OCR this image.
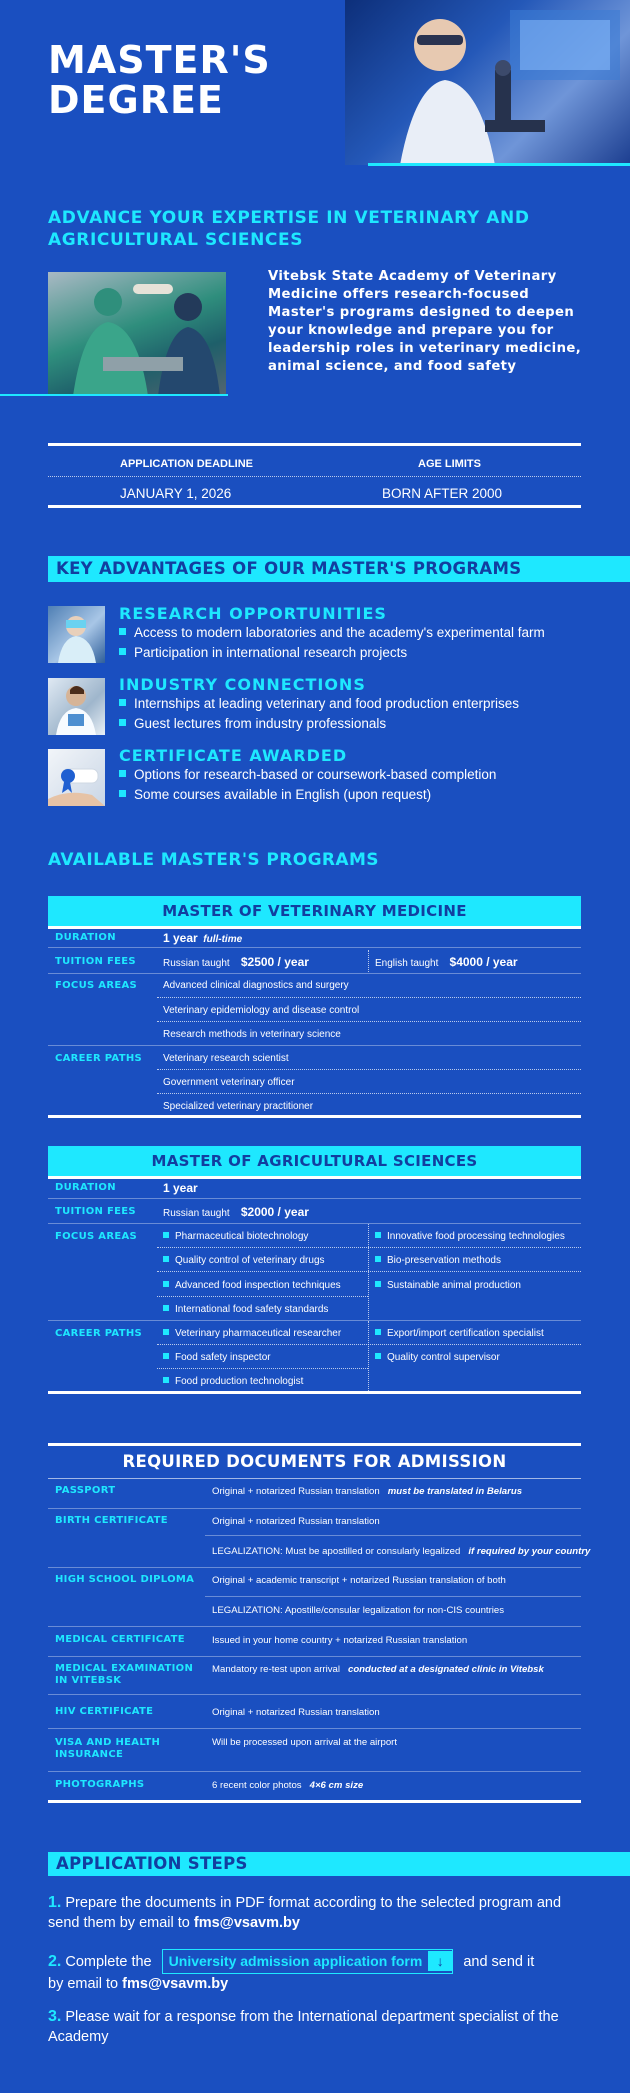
MASTER'S
DEGREE
ADVANCE YOUR EXPERTISE IN VETERINARY AND AGRICULTURAL SCIENCES
Vitebsk State Academy of Veterinary Medicine offers research-focused Master's programs designed to deepen your knowledge and prepare you for leadership roles in veterinary medicine, animal science, and food safety
APPLICATION DEADLINE	AGE LIMITS
JANUARY 1, 2026	BORN AFTER 2000
KEY ADVANTAGES OF OUR MASTER'S PROGRAMS
RESEARCH OPPORTUNITIES
Access to modern laboratories and the academy's experimental farm
Participation in international research projects
INDUSTRY CONNECTIONS
Internships at leading veterinary and food production enterprises
Guest lectures from industry professionals
CERTIFICATE AWARDED
Options for research-based or coursework-based completion
Some courses available in English (upon request)
AVAILABLE MASTER'S PROGRAMS
MASTER OF VETERINARY MEDICINE
DURATION	1 year full-time
TUITION FEES	Russian taught $2500 / year	English taught $4000 / year
FOCUS AREAS	Advanced clinical diagnostics and surgery
Veterinary epidemiology and disease control
Research methods in veterinary science
CAREER PATHS Veterinary research scientist
Government veterinary officer
Specialized veterinary practitioner
MASTER OF AGRICULTURAL SCIENCES
DURATION	1 year
TUITION FEES	Russian taught $2000 / year
FOCUS AREAS	Pharmaceutical biotechnology	Innovative food processing technologies
Quality control of veterinary drugs	Bio-preservation methods
Advanced food inspection techniques	Sustainable animal production
International food safety standards
CAREER PATHS	Veterinary pharmaceutical researcher	Export/import certification specialist
Food safety inspector	Quality control supervisor
Food production technologist
REQUIRED DOCUMENTS FOR ADMISSION
PASSPORT	Original + notarized Russian translation must be translated in Belarus
BIRTH CERTIFICATE	Original + notarized Russian translation
LEGALIZATION: Must be apostilled or consularly legalized if required by your country
HIGH SCHOOL DIPLOMA Original + academic transcript + notarized Russian translation of both
LEGALIZATION: Apostille/consular legalization for non-CIS countries
MEDICAL CERTIFICATE	Issued in your home country + notarized Russian translation
MEDICAL EXAMINATION
IN VITEBSK
Mandatory re-test upon arrival conducted at a designated clinic in Vitebsk
HIV CERTIFICATE	Original + notarized Russian translation
VISA AND HEALTH
INSURANCE
Will be processed upon arrival at the airport
PHOTOGRAPHS	6 recent color photos 4×6 cm size
APPLICATION STEPS
1. Prepare the documents in PDF format according to the selected program and send them by email to fms@vsavm.by
2. Complete the University admission application form ↓ and send it
by email to fms@vsavm.by
3. Please wait for a response from the International department specialist of the Academy
